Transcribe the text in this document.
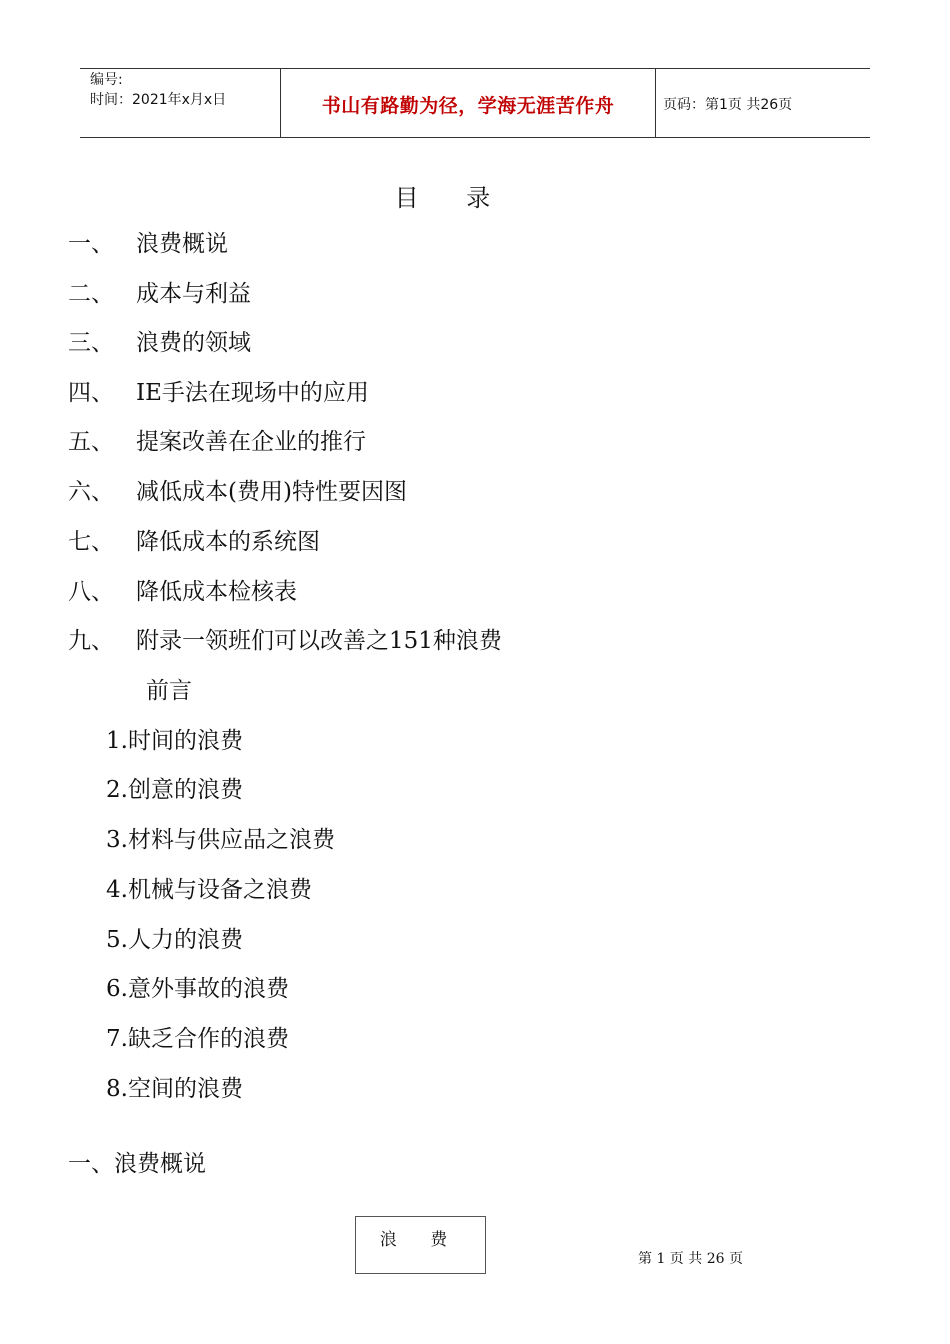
编号:
时间：2021年x月x日	书山有路勤为径，学海无涯苦作舟	页码：第1页 共26页
目 录
一、 浪费概说
二、 成本与利益
三、 浪费的领域
四、 IE手法在现场中的应用
五、 提案改善在企业的推行
六、 减低成本(费用)特性要因图
七、 降低成本的系统图
八、 降低成本检核表
九、 附录一领班们可以改善之151种浪费
前言
1.时间的浪费
2.创意的浪费
3.材料与供应品之浪费
4.机械与设备之浪费
5.人力的浪费
6.意外事故的浪费
7.缺乏合作的浪费
8.空间的浪费
一、浪费概说
浪 费
第 1 页 共 26 页
